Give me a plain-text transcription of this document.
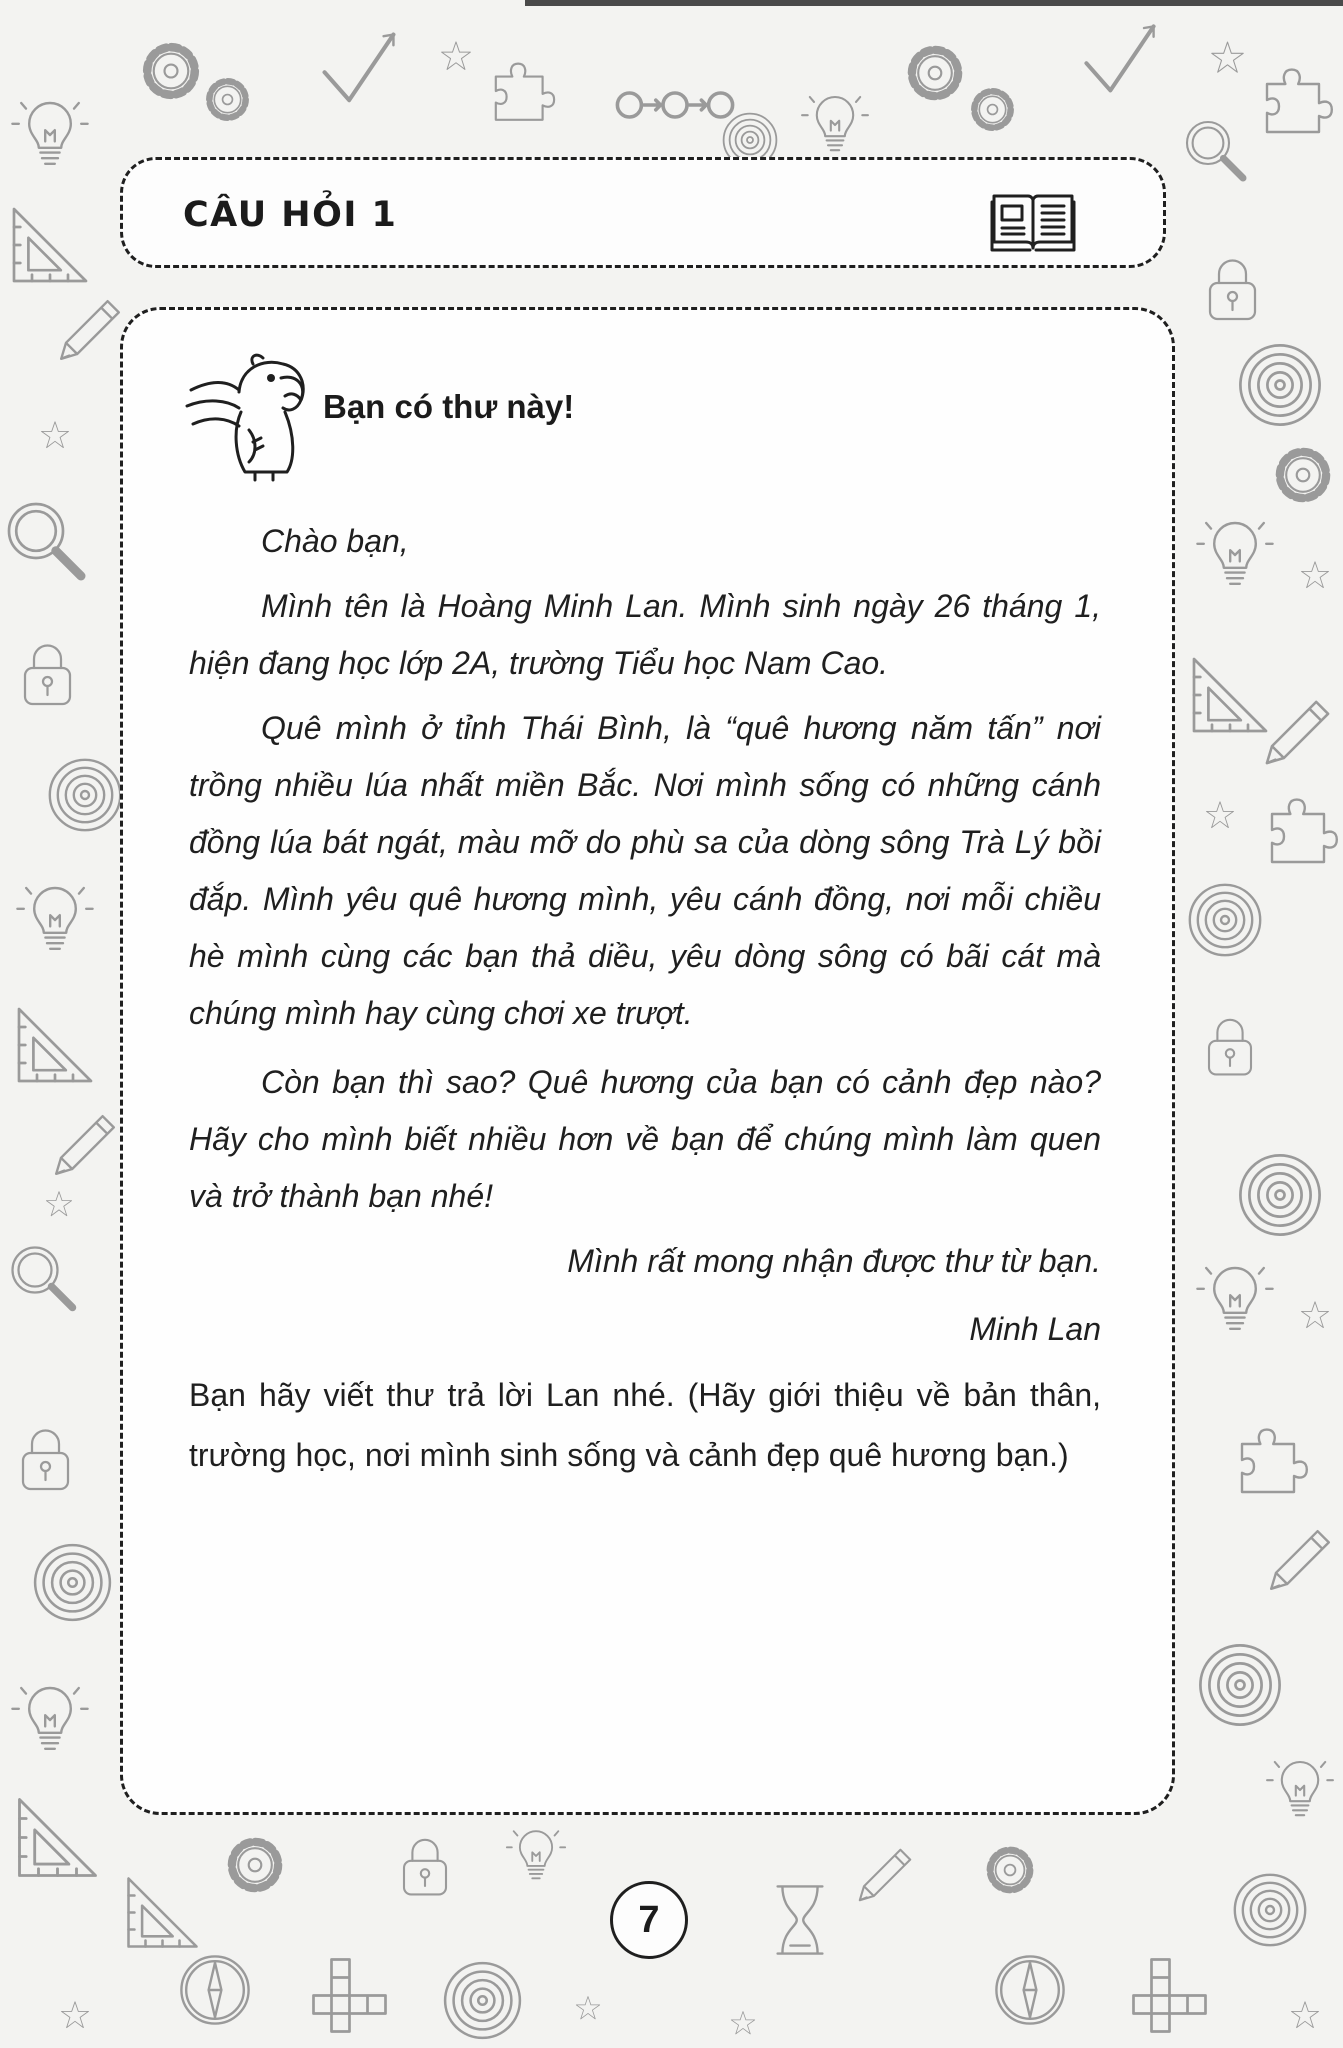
CÂU HỎI 1
Bạn có thư này!

Chào bạn,

Mình tên là Hoàng Minh Lan. Mình sinh ngày 26 tháng 1, hiện đang học lớp 2A, trường Tiểu học Nam Cao.

Quê mình ở tỉnh Thái Bình, là “quê hương năm tấn” nơi trồng nhiều lúa nhất miền Bắc. Nơi mình sống có những cánh đồng lúa bát ngát, màu mỡ do phù sa của dòng sông Trà Lý bồi đắp. Mình yêu quê hương mình, yêu cánh đồng, nơi mỗi chiều hè mình cùng các bạn thả diều, yêu dòng sông có bãi cát mà chúng mình hay cùng chơi xe trượt.

Còn bạn thì sao? Quê hương của bạn có cảnh đẹp nào? Hãy cho mình biết nhiều hơn về bạn để chúng mình làm quen và trở thành bạn nhé!

Mình rất mong nhận được thư từ bạn.

Minh Lan

Bạn hãy viết thư trả lời Lan nhé. (Hãy giới thiệu về bản thân, trường học, nơi mình sinh sống và cảnh đẹp quê hương bạn.)

7
